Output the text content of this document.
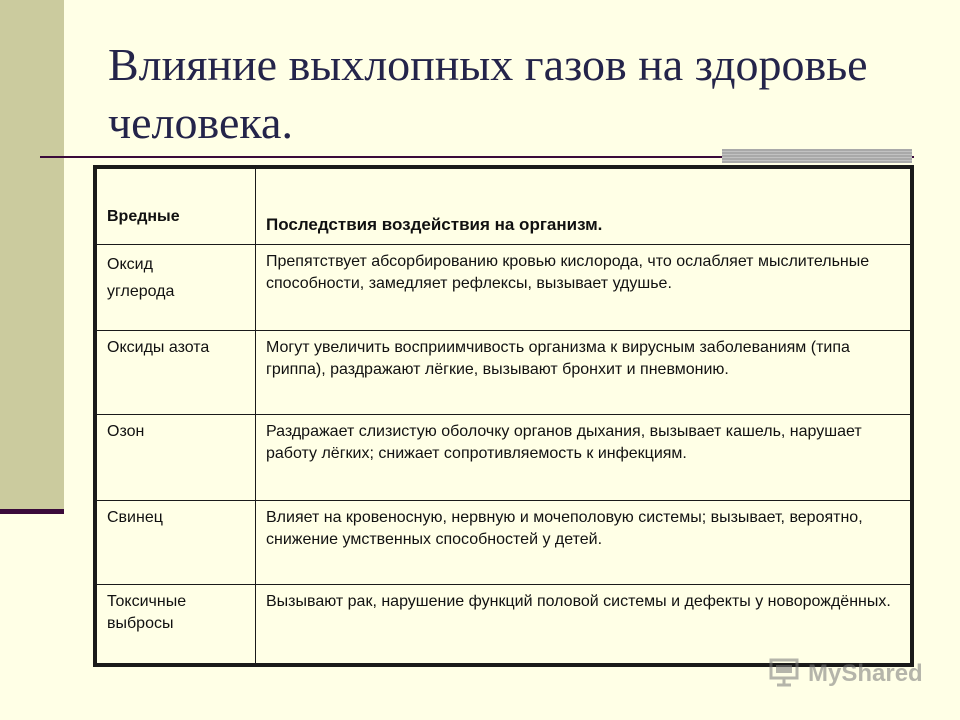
Влияние выхлопных газов на здоровье человека.
Вредные	Последствия воздействия на организм.

Оксид
углерода	Препятствует абсорбированию кровью кислорода, что ослабляет мыслительные способности, замедляет рефлексы, вызывает удушье.
Оксиды азота	Могут увеличить восприимчивость организма к вирусным заболеваниям (типа гриппа), раздражают лёгкие, вызывают бронхит и пневмонию.
Озон	Раздражает слизистую оболочку органов дыхания, вызывает кашель, нарушает работу лёгких; снижает сопротивляемость к инфекциям.
Свинец	Влияет на кровеносную, нервную и мочеполовую системы; вызывает, вероятно, снижение умственных способностей у детей.
Токсичные выбросы	Вызывают рак, нарушение функций половой системы и дефекты у новорождённых.
MyShared
